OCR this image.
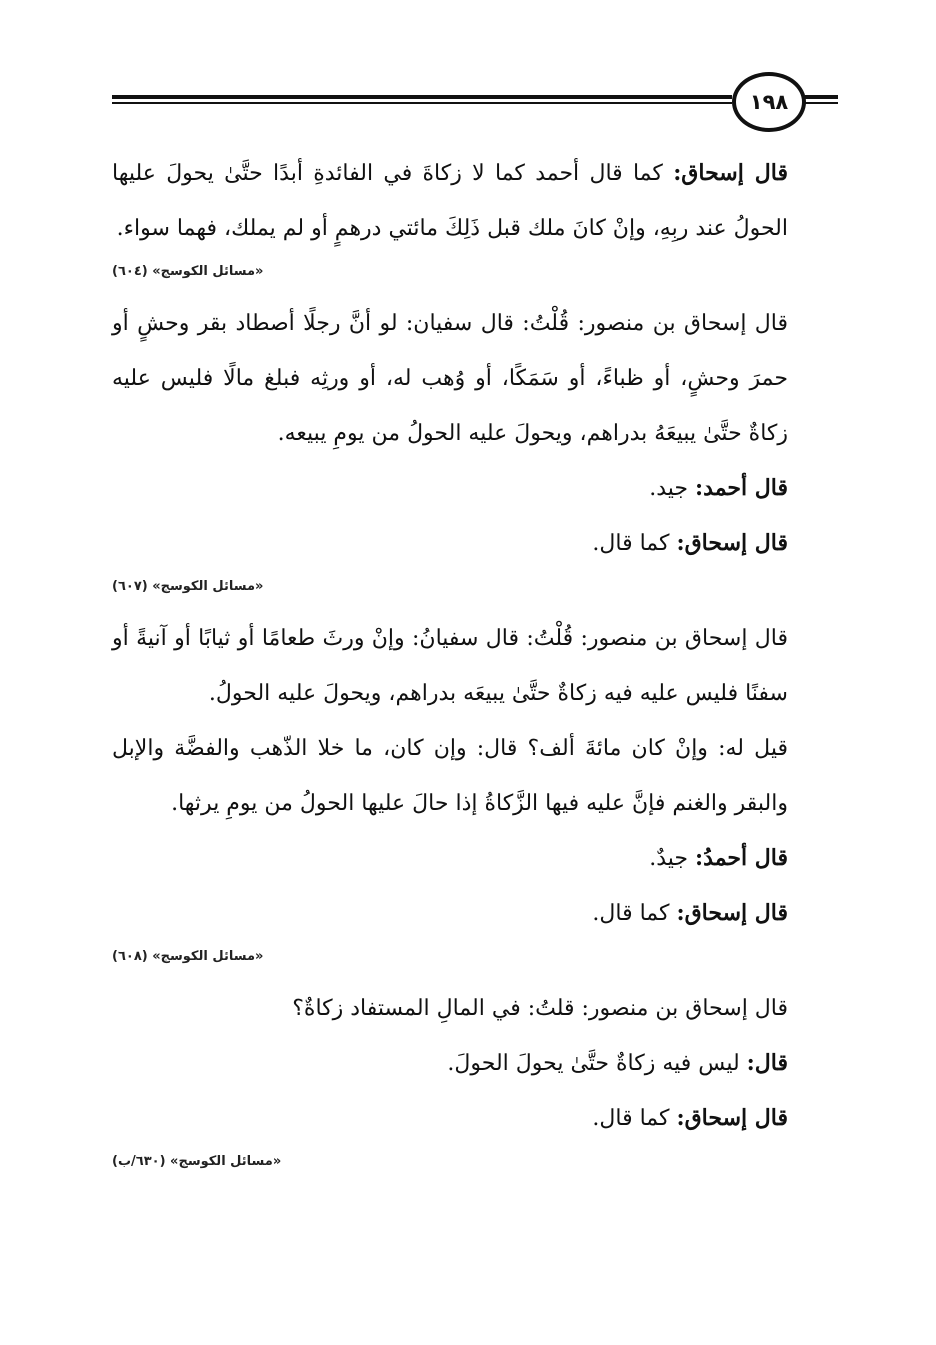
١٩٨

قال إسحاق: كما قال أحمد كما لا زكاةَ في الفائدةِ أبدًا حتَّىٰ يحولَ عليها الحولُ عند ربِهِ، وإنْ كانَ ملك قبل ذَلِكَ مائتي درهمٍ أو لم يملك، فهما سواء.

«مسائل الكوسج» (٦٠٤)

قال إسحاق بن منصور: قُلْتُ: قال سفيان: لو أنَّ رجلًا أصطاد بقر وحشٍ أو حمرَ وحشٍ، أو ظباءً، أو سَمَكًا، أو وُهب له، أو ورثِه فبلغ مالًا فليس عليه زكاةٌ حتَّىٰ يبيعَهُ بدراهم، ويحولَ عليه الحولُ من يومِ يبيعه.

قال أحمد: جيد.

قال إسحاق: كما قال.

«مسائل الكوسج» (٦٠٧)

قال إسحاق بن منصور: قُلْتُ: قال سفيانُ: وإنْ ورثَ طعامًا أو ثيابًا أو آنيةً أو سفنًا فليس عليه فيه زكاةٌ حتَّىٰ يبيعَه بدراهم، ويحولَ عليه الحولُ.

قيل له: وإنْ كان مائةَ ألف؟ قال: وإن كان، ما خلا الذّهب والفضَّة والإبل والبقر والغنم فإنَّ عليه فيها الزَّكاةُ إذا حالَ عليها الحولُ من يومِ يرثها.

قال أحمدُ: جيدٌ.

قال إسحاق: كما قال.

«مسائل الكوسج» (٦٠٨)

قال إسحاق بن منصور: قلتُ: في المالِ المستفاد زكاةٌ؟

قال: ليس فيه زكاةٌ حتَّىٰ يحولَ الحولَ.

قال إسحاق: كما قال.

«مسائل الكوسج» (٦٣٠/ب)
